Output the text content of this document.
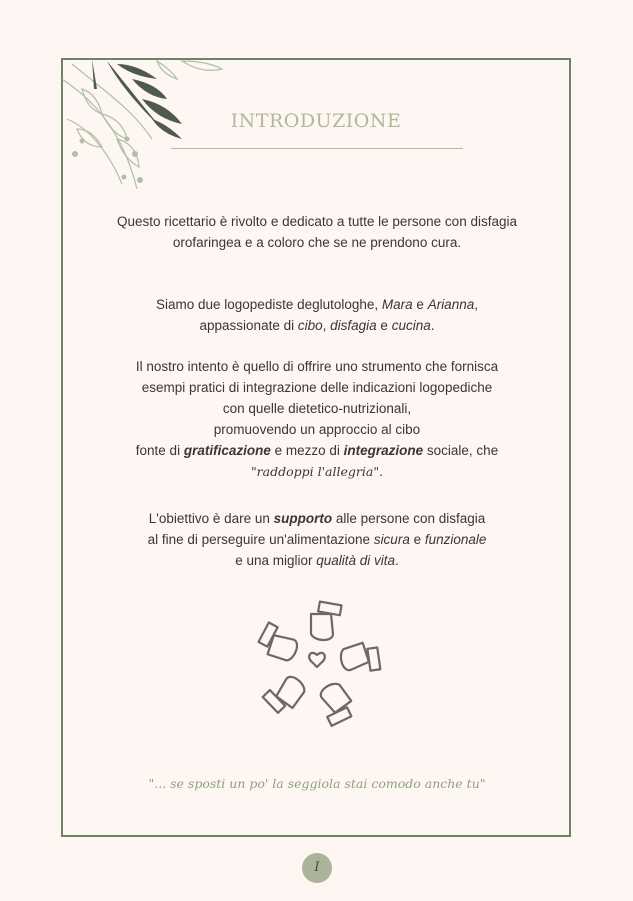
INTRODUZIONE
Questo ricettario è rivolto e dedicato a tutte le persone con disfagia
orofaringea e a coloro che se ne prendono cura.
Siamo due logopediste deglutologhe, Mara e Arianna,
appassionate di cibo, disfagia e cucina.
Il nostro intento è quello di offrire uno strumento che fornisca
esempi pratici di integrazione delle indicazioni logopediche
con quelle dietetico-nutrizionali,
promuovendo un approccio al cibo
fonte di gratificazione e mezzo di integrazione sociale, che
"raddoppi l'allegria".
L'obiettivo è dare un supporto alle persone con disfagia
al fine di perseguire un'alimentazione sicura e funzionale
e una miglior qualità di vita.
"... se sposti un po' la seggiola stai comodo anche tu"
I
